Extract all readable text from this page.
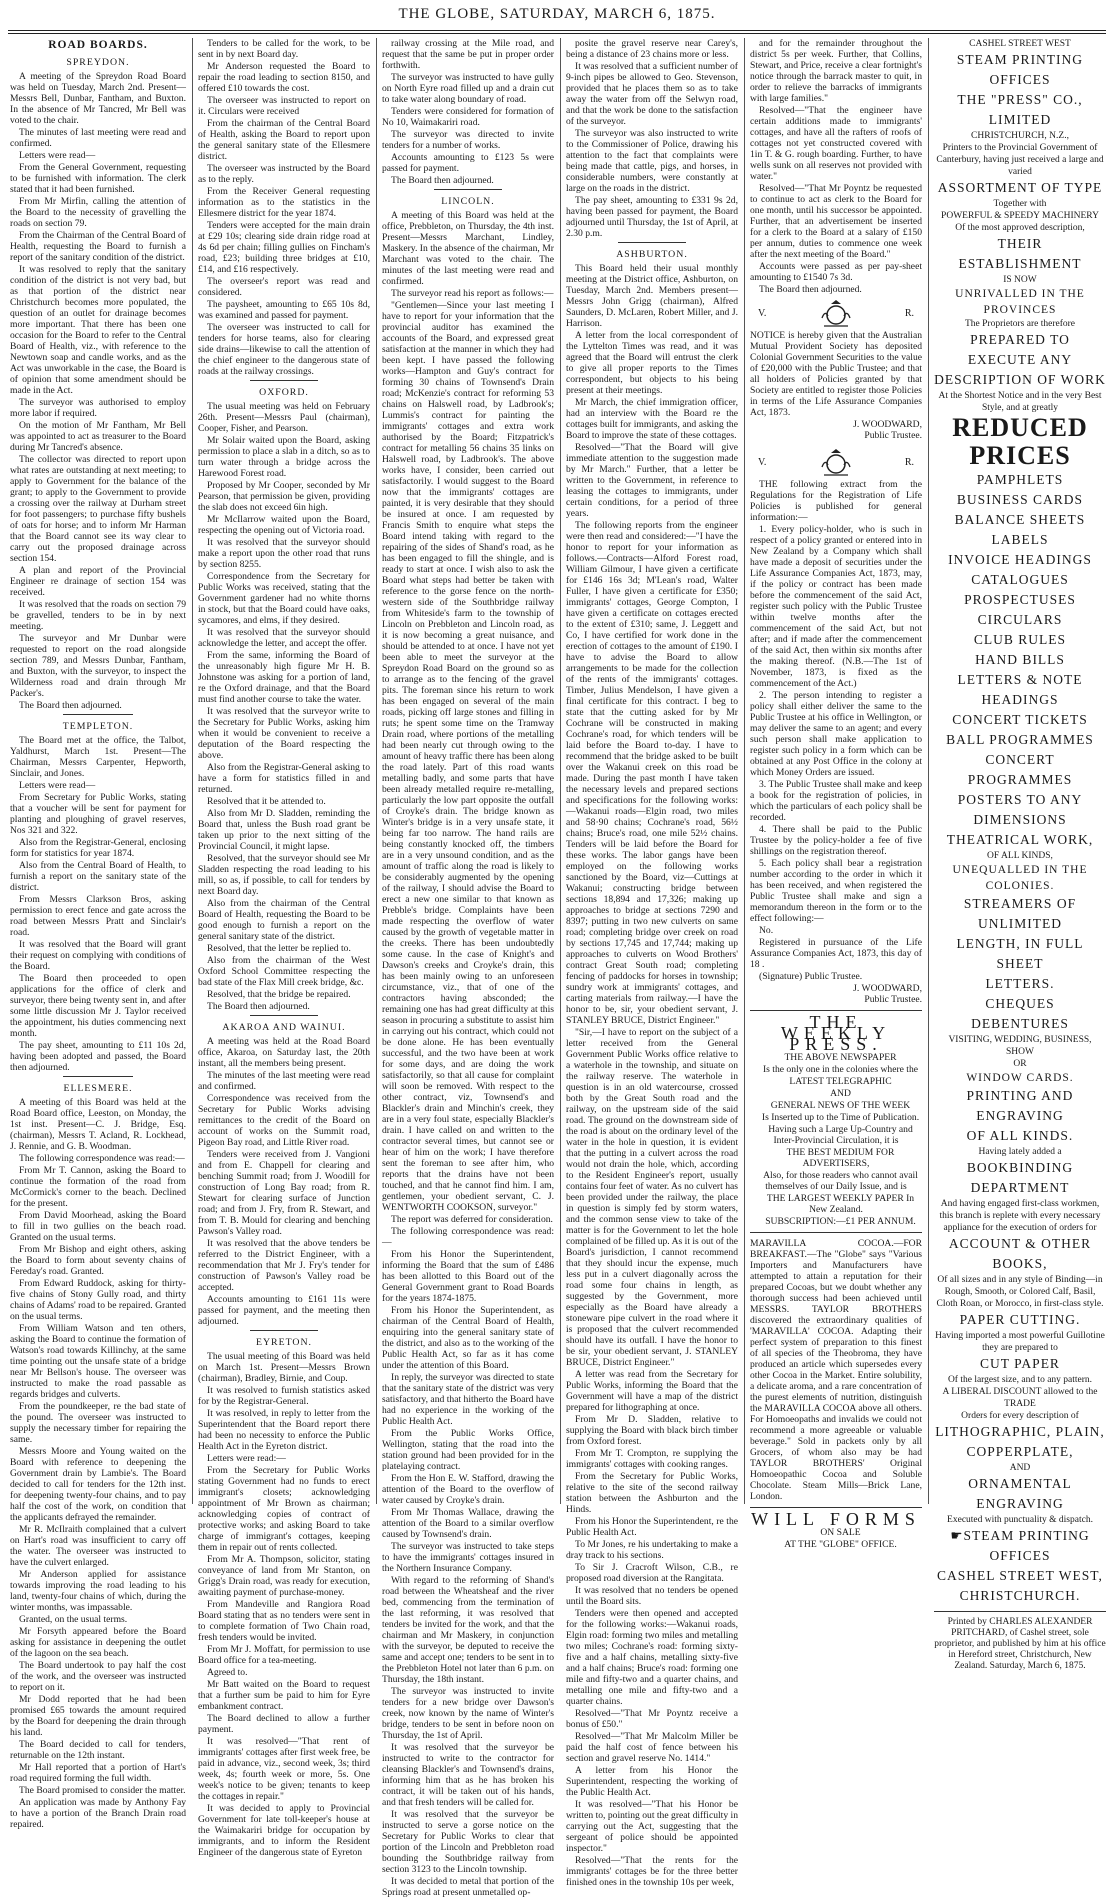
THE GLOBE, SATURDAY, MARCH 6, 1875.
ROAD BOARDS.
SPREYDON.

A meeting of the Spreydon Road Board was held on Tuesday, March 2nd. Present—Messrs Bell, Dunbar, Fantham, and Buxton. In the absence of Mr Tancred, Mr Bell was voted to the chair.

The minutes of last meeting were read and confirmed.

Letters were read—

From the General Government, requesting to be furnished with information. The clerk stated that it had been furnished.

From Mr Mirfin, calling the attention of the Board to the necessity of gravelling the roads on section 79.

From the Chairman of the Central Board of Health, requesting the Board to furnish a report of the sanitary condition of the district.

It was resolved to reply that the sanitary condition of the district is not very bad, but as that portion of the district near Christchurch becomes more populated, the question of an outlet for drainage becomes more important. That there has been one occasion for the Board to refer to the Central Board of Health, viz., with reference to the Newtown soap and candle works, and as the Act was unworkable in the case, the Board is of opinion that some amendment should be made in the Act.

The surveyor was authorised to employ more labor if required.

On the motion of Mr Fantham, Mr Bell was appointed to act as treasurer to the Board during Mr Tancred's absence.

The collector was directed to report upon what rates are outstanding at next meeting; to apply to Government for the balance of the grant; to apply to the Government to provide a crossing over the railway at Durham street for foot passengers; to purchase fifty bushels of oats for horse; and to inform Mr Harman that the Board cannot see its way clear to carry out the proposed drainage across section 154.

A plan and report of the Provincial Engineer re drainage of section 154 was received.

It was resolved that the roads on section 79 be gravelled, tenders to be in by next meeting.

The surveyor and Mr Dunbar were requested to report on the road alongside section 789, and Messrs Dunbar, Fantham, and Buxton, with the surveyor, to inspect the Wilderness road and drain through Mr Packer's.

The Board then adjourned.

TEMPLETON.

The Board met at the office, the Talbot, Yaldhurst, March 1st. Present—The Chairman, Messrs Carpenter, Hepworth, Sinclair, and Jones.

Letters were read—

From Secretary for Public Works, stating that a voucher will be sent for payment for planting and ploughing of gravel reserves, Nos 321 and 322.

Also from the Registrar-General, enclosing form for statistics for year 1874.

Also from the Central Board of Health, to furnish a report on the sanitary state of the district.

From Messrs Clarkson Bros, asking permission to erect fence and gate across the road between Messrs Pratt and Sinclair's road.

It was resolved that the Board will grant their request on complying with conditions of the Board.

The Board then proceeded to open applications for the office of clerk and surveyor, there being twenty sent in, and after some little discussion Mr J. Taylor received the appointment, his duties commencing next month.

The pay sheet, amounting to £11 10s 2d, having been adopted and passed, the Board then adjourned.

ELLESMERE.

A meeting of this Board was held at the Road Board office, Leeston, on Monday, the 1st inst. Present—C. J. Bridge, Esq. (chairman), Messrs T. Acland, R. Lockhead, J. Rennie, and G. B. Woodman.

The following correspondence was read:—

From Mr T. Cannon, asking the Board to continue the formation of the road from McCormick's corner to the beach. Declined for the present.

From David Moorhead, asking the Board to fill in two gullies on the beach road. Granted on the usual terms.

From Mr Bishop and eight others, asking the Board to form about seventy chains of Fereday's road. Granted.

From Edward Ruddock, asking for thirty-five chains of Stony Gully road, and thirty chains of Adams' road to be repaired. Granted on the usual terms.

From William Watson and ten others, asking the Board to continue the formation of Watson's road towards Killinchy, at the same time pointing out the unsafe state of a bridge near Mr Bellson's house. The overseer was instructed to make the road passable as regards bridges and culverts.

From the poundkeeper, re the bad state of the pound. The overseer was instructed to supply the necessary timber for repairing the same.

Messrs Moore and Young waited on the Board with reference to deepening the Government drain by Lambie's. The Board decided to call for tenders for the 12th inst. for deepening twenty-four chains, and to pay half the cost of the work, on condition that the applicants defrayed the remainder.

Mr R. McIlraith complained that a culvert on Hart's road was insufficient to carry off the water. The overseer was instructed to have the culvert enlarged.

Mr Anderson applied for assistance towards improving the road leading to his land, twenty-four chains of which, during the winter months, was impassable.

Granted, on the usual terms.

Mr Forsyth appeared before the Board asking for assistance in deepening the outlet of the lagoon on the sea beach.

The Board undertook to pay half the cost of the work, and the overseer was instructed to report on it.

Mr Dodd reported that he had been promised £65 towards the amount required by the Board for deepening the drain through his land.

The Board decided to call for tenders, returnable on the 12th instant.

Mr Hall reported that a portion of Hart's road required forming the full width.

The Board promised to consider the matter.

An application was made by Anthony Fay to have a portion of the Branch Drain road repaired.

Tenders to be called for the work, to be sent in by next Board day.

Mr Anderson requested the Board to repair the road leading to section 8150, and offered £10 towards the cost.

The overseer was instructed to report on it. Circulars were received

From the chairman of the Central Board of Health, asking the Board to report upon the general sanitary state of the Ellesmere district.

The overseer was instructed by the Board as to the reply.

From the Receiver General requesting information as to the statistics in the Ellesmere district for the year 1874.

Tenders were accepted for the main drain at £29 10s; clearing side drain ridge road at 4s 6d per chain; filling gullies on Fincham's road, £23; building three bridges at £10, £14, and £16 respectively.

The overseer's report was read and considered.

The paysheet, amounting to £65 10s 8d, was examined and passed for payment.

The overseer was instructed to call for tenders for horse teams, also for clearing side drains—likewise to call the attention of the chief engineer to the dangerous state of roads at the railway crossings.

OXFORD.

The usual meeting was held on February 26th. Present—Messrs Paul (chairman), Cooper, Fisher, and Pearson.

Mr Solair waited upon the Board, asking permission to place a slab in a ditch, so as to turn water through a bridge across the Harewood Forest road.

Proposed by Mr Cooper, seconded by Mr Pearson, that permission be given, providing the slab does not exceed 6in high.

Mr McIlarrow waited upon the Board, respecting the opening out of Victoria road.

It was resolved that the surveyor should make a report upon the other road that runs by section 8255.

Correspondence from the Secretary for Public Works was received, stating that the Government gardener had no white thorns in stock, but that the Board could have oaks, sycamores, and elms, if they desired.

It was resolved that the surveyor should acknowledge the letter, and accept the offer.

From the same, informing the Board of the unreasonably high figure Mr H. B. Johnstone was asking for a portion of land, re the Oxford drainage, and that the Board must find another course to take the water.

It was resolved that the surveyor write to the Secretary for Public Works, asking him when it would be convenient to receive a deputation of the Board respecting the above.

Also from the Registrar-General asking to have a form for statistics filled in and returned.

Resolved that it be attended to.

Also from Mr D. Sladden, reminding the Board that, unless the Bush road grant be taken up prior to the next sitting of the Provincial Council, it might lapse.

Resolved, that the surveyor should see Mr Sladden respecting the road leading to his mill, so as, if possible, to call for tenders by next Board day.

Also from the chairman of the Central Board of Health, requesting the Board to be good enough to furnish a report on the general sanitary state of the district.

Resolved, that the letter be replied to.

Also from the chairman of the West Oxford School Committee respecting the bad state of the Flax Mill creek bridge, &c.

Resolved, that the bridge be repaired.

The Board then adjourned.

AKAROA AND WAINUI.

A meeting was held at the Road Board office, Akaroa, on Saturday last, the 20th instant, all the members being present.

The minutes of the last meeting were read and confirmed.

Correspondence was received from the Secretary for Public Works advising remittances to the credit of the Board on account of works on the Summit road, Pigeon Bay road, and Little River road.

Tenders were received from J. Vangioni and from E. Chappell for clearing and benching Summit road; from J. Woodill for construction of Long Bay road; from R. Stewart for clearing surface of Junction road; and from J. Fry, from R. Stewart, and from T. B. Mould for clearing and benching Pawson's Valley road.

It was resolved that the above tenders be referred to the District Engineer, with a recommendation that Mr J. Fry's tender for construction of Pawson's Valley road be accepted.

Accounts amounting to £161 11s were passed for payment, and the meeting then adjourned.

EYRETON.

The usual meeting of this Board was held on March 1st. Present—Messrs Brown (chairman), Bradley, Birnie, and Coup.

It was resolved to furnish statistics asked for by the Registrar-General.

It was resolved, in reply to letter from the Superintendent that the Board report there had been no necessity to enforce the Public Health Act in the Eyreton district.

Letters were read:—

From the Secretary for Public Works stating Government had no funds to erect immigrant's closets; acknowledging appointment of Mr Brown as chairman; acknowledging copies of contract of protective works; and asking Board to take charge of immigrant's cottages, keeping them in repair out of rents collected.

From Mr A. Thompson, solicitor, stating conveyance of land from Mr Stanton, on Grigg's Drain road, was ready for execution, awaiting payment of purchase-money.

From Mandeville and Rangiora Road Board stating that as no tenders were sent in to complete formation of Two Chain road, fresh tenders would be invited.

From Mr J. Moffatt, for permission to use Board office for a tea-meeting.

Agreed to.

Mr Batt waited on the Board to request that a further sum be paid to him for Eyre embankment contract.

The Board declined to allow a further payment.

It was resolved—"That rent of immigrants' cottages after first week free, be paid in advance, viz., second week, 3s; third week, 4s; fourth week or more, 5s. One week's notice to be given; tenants to keep the cottages in repair."

It was decided to apply to Provincial Government for late toll-keeper's house at the Waimakariri bridge for occupation by immigrants, and to inform the Resident Engineer of the dangerous state of Eyreton

railway crossing at the Mile road, and request that the same be put in proper order forthwith.

The surveyor was instructed to have gully on North Eyre road filled up and a drain cut to take water along boundary of road.

Tenders were considered for formation of No 10, Waimakariri road.

The surveyor was directed to invite tenders for a number of works.

Accounts amounting to £123 5s were passed for payment.

The Board then adjourned.

LINCOLN.

A meeting of this Board was held at the office, Prebbleton, on Thursday, the 4th inst. Present—Messrs Marchant, Lindley, Maskery. In the absence of the chairman, Mr Marchant was voted to the chair. The minutes of the last meeting were read and confirmed.

The surveyor read his report as follows:—

"Gentlemen—Since your last meeting I have to report for your information that the provincial auditor has examined the accounts of the Board, and expressed great satisfaction at the manner in which they had been kept. I have passed the following works—Hampton and Guy's contract for forming 30 chains of Townsend's Drain road; McKenzie's contract for reforming 53 chains on Halswell road, by Ladbrook's; Lummis's contract for painting the immigrants' cottages and extra work authorised by the Board; Fitzpatrick's contract for metalling 56 chains 35 links on Halswell road, by Ladbrook's. The above works have, I consider, been carried out satisfactorily. I would suggest to the Board now that the immigrants' cottages are painted, it is very desirable that they should be insured at once. I am requested by Francis Smith to enquire what steps the Board intend taking with regard to the repairing of the sides of Shand's road, as he has been engaged to fill the shingle, and is ready to start at once. I wish also to ask the Board what steps had better be taken with reference to the gorse fence on the north-western side of the Southbridge railway from Whiteside's farm to the township of Lincoln on Prebbleton and Lincoln road, as it is now becoming a great nuisance, and should be attended to at once. I have not yet been able to meet the surveyor at the Spreydon Road Board on the ground so as to arrange as to the fencing of the gravel pits. The foreman since his return to work has been engaged on several of the main roads, picking off large stones and filling in ruts; he spent some time on the Tramway Drain road, where portions of the metalling had been nearly cut through owing to the amount of heavy traffic there has been along the road lately. Part of this road wants metalling badly, and some parts that have been already metalled require re-metalling, particularly the low part opposite the outfall of Croyke's drain. The bridge known as Winter's bridge is in a very unsafe state, it being far too narrow. The hand rails are being constantly knocked off, the timbers are in a very unsound condition, and as the amount of traffic along the road is likely to be considerably augmented by the opening of the railway, I should advise the Board to erect a new one similar to that known as Prebble's bridge. Complaints have been made respecting the overflow of water caused by the growth of vegetable matter in the creeks. There has been undoubtedly some cause. In the case of Knight's and Dawson's creeks and Croyke's drain, this has been mainly owing to an unforeseen circumstance, viz., that of one of the contractors having absconded; the remaining one has had great difficulty at this season in procuring a substitute to assist him in carrying out his contract, which could not be done alone. He has been eventually successful, and the two have been at work for some days, and are doing the work satisfactorily, so that all cause for complaint will soon be removed. With respect to the other contract, viz, Townsend's and Blackler's drain and Minchin's creek, they are in a very foul state, especially Blackler's drain. I have called on and written to the contractor several times, but cannot see or hear of him on the work; I have therefore sent the foreman to see after him, who reports that the drains have not been touched, and that he cannot find him. I am, gentlemen, your obedient servant, C. J. WENTWORTH COOKSON, surveyor."

The report was deferred for consideration.

The following correspondence was read:—

From his Honor the Superintendent, informing the Board that the sum of £486 has been allotted to this Board out of the General Government grant to Road Boards for the years 1874-1875.

From his Honor the Superintendent, as chairman of the Central Board of Health, enquiring into the general sanitary state of the district, and also as to the working of the Public Health Act, so far as it has come under the attention of this Board.

In reply, the surveyor was directed to state that the sanitary state of the district was very satisfactory, and that hitherto the Board have had no experience in the working of the Public Health Act.

From the Public Works Office, Wellington, stating that the road into the station ground had been provided for in the platelaying contract.

From the Hon E. W. Stafford, drawing the attention of the Board to the overflow of water caused by Croyke's drain.

From Mr Thomas Wallace, drawing the attention of the Board to a similar overflow caused by Townsend's drain.

The surveyor was instructed to take steps to have the immigrants' cottages insured in the Northern Insurance Company.

With regard to the reforming of Shand's road between the Wheatsheaf and the river bed, commencing from the termination of the last reforming, it was resolved that tenders be invited for the work, and that the chairman and Mr Maskery, in conjunction with the surveyor, be deputed to receive the same and accept one; tenders to be sent in to the Prebbleton Hotel not later than 6 p.m. on Thursday, the 18th instant.

The surveyor was instructed to invite tenders for a new bridge over Dawson's creek, now known by the name of Winter's bridge, tenders to be sent in before noon on Thursday, the 1st of April.

It was resolved that the surveyor be instructed to write to the contractor for cleansing Blackler's and Townsend's drains, informing him that as he has broken his contract, it will be taken out of his hands, and that fresh tenders will be called for.

It was resolved that the surveyor be instructed to serve a gorse notice on the Secretary for Public Works to clear that portion of the Lincoln and Prebbleton road bounding the Southbridge railway from section 3123 to the Lincoln township.

It was decided to metal that portion of the Springs road at present unmetalled op-

posite the gravel reserve near Carey's, being a distance of 23 chains more or less.

It was resolved that a sufficient number of 9-inch pipes be allowed to Geo. Stevenson, provided that he places them so as to take away the water from off the Selwyn road, and that the work be done to the satisfaction of the surveyor.

The surveyor was also instructed to write to the Commissioner of Police, drawing his attention to the fact that complaints were being made that cattle, pigs, and horses, in considerable numbers, were constantly at large on the roads in the district.

The pay sheet, amounting to £331 9s 2d, having been passed for payment, the Board adjourned until Thursday, the 1st of April, at 2.30 p.m.

ASHBURTON.

This Board held their usual monthly meeting at the District office, Ashburton, on Tuesday, March 2nd. Members present—Messrs John Grigg (chairman), Alfred Saunders, D. McLaren, Robert Miller, and J. Harrison.

A letter from the local correspondent of the Lyttelton Times was read, and it was agreed that the Board will entrust the clerk to give all proper reports to the Times correspondent, but objects to his being present at their meetings.

Mr March, the chief immigration officer, had an interview with the Board re the cottages built for immigrants, and asking the Board to improve the state of these cottages.

Resolved—"That the Board will give immediate attention to the suggestion made by Mr March." Further, that a letter be written to the Government, in reference to leasing the cottages to immigrants, under certain conditions, for a period of three years.

The following reports from the engineer were then read and considered:—"I have the honor to report for your information as follows.—Contracts—Alford Forest road, William Gilmour, I have given a certificate for £146 16s 3d; M'Lean's road, Walter Fuller, I have given a certificate for £350; immigrants' cottages, George Compton, I have given a certificate on cottages erected to the extent of £310; same, J. Leggett and Co, I have certified for work done in the erection of cottages to the amount of £190. I have to advise the Board to allow arrangements to be made for the collection of the rents of the immigrants' cottages. Timber, Julius Mendelson, I have given a final certificate for this contract. I beg to state that the cutting asked for by Mr Cochrane will be constructed in making Cochrane's road, for which tenders will be laid before the Board to-day. I have to recommend that the bridge asked to be built over the Wakanui creek on this road be made. During the past month I have taken the necessary levels and prepared sections and specifications for the following works:—Wakanui roads—Elgin road, two miles and 58·90 chains; Cochrane's road, 56½ chains; Bruce's road, one mile 52½ chains. Tenders will be laid before the Board for these works. The labor gangs have been employed on the following works sanctioned by the Board, viz—Cuttings at Wakanui; constructing bridge between sections 18,894 and 17,326; making up approaches to bridge at sections 7290 and 8397; putting in two new culverts on same road; completing bridge over creek on road by sections 17,745 and 17,744; making up approaches to culverts on Wood Brothers' contract Great South road; completing fencing of paddocks for horses in township; sundry work at immigrants' cottages, and carting materials from railway.—I have the honor to be, sir, your obedient servant, J. STANLEY BRUCE, District Engineer."

"Sir,—I have to report on the subject of a letter received from the General Government Public Works office relative to a waterhole in the township, and situate on the railway reserve. The waterhole in question is in an old watercourse, crossed both by the Great South road and the railway, on the upstream side of the said road. The ground on the downstream side of the road is about on the ordinary level of the water in the hole in question, it is evident that the putting in a culvert across the road would not drain the hole, which, according to the Resident Engineer's report, usually contains four feet of water. As no culvert has been provided under the railway, the place in question is simply fed by storm waters, and the common sense view to take of the matter is for the Government to let the hole complained of be filled up. As it is out of the Board's jurisdiction, I cannot recommend that they should incur the expense, much less put in a culvert diagonally across the road some four chains in length, as suggested by the Government, more especially as the Board have already a stoneware pipe culvert in the road where it is proposed that the culvert recommended should have its outfall. I have the honor to be sir, your obedient servant, J. STANLEY BRUCE, District Engineer."

A letter was read from the Secretary for Public Works, informing the Board that the Government will have a map of the district prepared for lithographing at once.

From Mr D. Sladden, relative to supplying the Board with black birch timber from Oxford forest.

From Mr T. Crompton, re supplying the immigrants' cottages with cooking ranges.

From the Secretary for Public Works, relative to the site of the second railway station between the Ashburton and the Hinds.

From his Honor the Superintendent, re the Public Health Act.

To Mr Jones, re his undertaking to make a dray track to his sections.

To Sir J. Cracroft Wilson, C.B., re proposed road diversion at the Rangitata.

It was resolved that no tenders be opened until the Board sits.

Tenders were then opened and accepted for the following works:—Wakanui roads, Elgin road: forming two miles and metalling two miles; Cochrane's road: forming sixty-five and a half chains, metalling sixty-five and a half chains; Bruce's road: forming one mile and fifty-two and a quarter chains, and metalling one mile and fifty-two and a quarter chains.

Resolved—"That Mr Poyntz receive a bonus of £50."

Resolved—"That Mr Malcolm Miller be paid the half cost of fence between his section and gravel reserve No. 1414."

A letter from his Honor the Superintendent, respecting the working of the Public Health Act.

It was resolved—"That his Honor be written to, pointing out the great difficulty in carrying out the Act, suggesting that the sergeant of police should be appointed inspector."

Resolved—"That the rents for the immigrants' cottages be for the three better finished ones in the township 10s per week,

and for the remainder throughout the district 5s per week. Further, that Collins, Stewart, and Price, receive a clear fortnight's notice through the barrack master to quit, in order to relieve the barracks of immigrants with large families."

Resolved—"That the engineer have certain additions made to immigrants' cottages, and have all the rafters of roofs of cottages not yet constructed covered with 1in T. & G. rough boarding. Further, to have wells sunk on all reserves not provided with water."

Resolved—"That Mr Poyntz be requested to continue to act as clerk to the Board for one month, until his successor be appointed. Further, that an advertisement be inserted for a clerk to the Board at a salary of £150 per annum, duties to commence one week after the next meeting of the Board."

Accounts were passed as per pay-sheet amounting to £1540 7s 3d.

The Board then adjourned.

V.	R.

NOTICE is hereby given that the Australian Mutual Provident Society has deposited Colonial Government Securities to the value of £20,000 with the Public Trustee; and that all holders of Policies granted by that Society are entitled to register those Policies in terms of the Life Assurance Companies Act, 1873.

J. WOODWARD,

Public Trustee.

V.	R.

THE following extract from the Regulations for the Registration of Life Policies is published for general information:—

1. Every policy-holder, who is such in respect of a policy granted or entered into in New Zealand by a Company which shall have made a deposit of securities under the Life Assurance Companies Act, 1873, may, if the policy or contract has been made before the commencement of the said Act, register such policy with the Public Trustee within twelve months after the commencement of the said Act, but not after; and if made after the commencement of the said Act, then within six months after the making thereof. (N.B.—The 1st of November, 1873, is fixed as the commencement of the Act.)

2. The person intending to register a policy shall either deliver the same to the Public Trustee at his office in Wellington, or may deliver the same to an agent; and every such person shall make application to register such policy in a form which can be obtained at any Post Office in the colony at which Money Orders are issued.

3. The Public Trustee shall make and keep a book for the registration of policies, in which the particulars of each policy shall be recorded.

4. There shall be paid to the Public Trustee by the policy-holder a fee of five shillings on the registration thereof.

5. Each policy shall bear a registration number according to the order in which it has been received, and when registered the Public Trustee shall make and sign a memorandum thereon in the form or to the effect following:—

No.

Registered in pursuance of the Life Assurance Companies Act, 1873, this day of 18 .

(Signature) Public Trustee.

J. WOODWARD,

Public Trustee.

THE WEEKLY PRESS.

THE ABOVE NEWSPAPER

Is the only one in the colonies where the

LATEST TELEGRAPHIC

AND

GENERAL NEWS OF THE WEEK

Is Inserted up to the Time of Publication.

Having such a Large Up-Country and Inter-Provincial Circulation, it is

THE BEST MEDIUM FOR ADVERTISERS,

Also, for those readers who cannot avail themselves of our Daily Issue, and is

THE LARGEST WEEKLY PAPER In New Zealand.

SUBSCRIPTION:—£1 PER ANNUM.

MARAVILLA COCOA.—FOR BREAKFAST.—The "Globe" says "Various Importers and Manufacturers have attempted to attain a reputation for their prepared Cocoas, but we doubt whether any thorough success had been achieved until MESSRS. TAYLOR BROTHERS discovered the extraordinary qualities of 'MARAVILLA' COCOA. Adapting their perfect system of preparation to this finest of all species of the Theobroma, they have produced an article which supersedes every other Cocoa in the Market. Entire solubility, a delicate aroma, and a rare concentration of the purest elements of nutrition, distinguish the MARAVILLA COCOA above all others. For Homoeopaths and invalids we could not recommend a more agreeable or valuable beverage." Sold in packets only by all Grocers, of whom also may be had TAYLOR BROTHERS' Original Homoeopathic Cocoa and Soluble Chocolate. Steam Mills—Brick Lane, London.

WILL FORMS

ON SALE

AT THE "GLOBE" OFFICE.

CASHEL STREET WEST

STEAM PRINTING OFFICES

THE "PRESS" CO., LIMITED

CHRISTCHURCH, N.Z.,

Printers to the Provincial Government of Canterbury, having just received a large and varied

ASSORTMENT OF TYPE

Together with

POWERFUL & SPEEDY MACHINERY

Of the most approved description,

THEIR ESTABLISHMENT

IS NOW

UNRIVALLED IN THE PROVINCES

The Proprietors are therefore

PREPARED TO EXECUTE ANY

DESCRIPTION OF WORK

At the Shortest Notice and in the very Best Style, and at greatly

REDUCED PRICES

PAMPHLETS

BUSINESS CARDS

BALANCE SHEETS

LABELS

INVOICE HEADINGS

CATALOGUES

PROSPECTUSES

CIRCULARS

CLUB RULES

HAND BILLS

LETTERS & NOTE HEADINGS

CONCERT TICKETS

BALL PROGRAMMES

CONCERT PROGRAMMES

POSTERS TO ANY DIMENSIONS

THEATRICAL WORK,

OF ALL KINDS,

UNEQUALLED IN THE COLONIES.

STREAMERS OF UNLIMITED

LENGTH, IN FULL SHEET

LETTERS.

CHEQUES

DEBENTURES

VISITING, WEDDING, BUSINESS, SHOW

OR

WINDOW CARDS.

PRINTING AND ENGRAVING

OF ALL KINDS.

Having lately added a

BOOKBINDING DEPARTMENT

And having engaged first-class workmen, this branch is replete with every necessary appliance for the execution of orders for

ACCOUNT & OTHER BOOKS,

Of all sizes and in any style of Binding—in Rough, Smooth, or Colored Calf, Basil, Cloth Roan, or Morocco, in first-class style.

PAPER CUTTING.

Having imported a most powerful Guillotine they are prepared to

CUT PAPER

Of the largest size, and to any pattern.

A LIBERAL DISCOUNT allowed to the TRADE

Orders for every description of

LITHOGRAPHIC, PLAIN,

COPPERPLATE,

AND

ORNAMENTAL ENGRAVING

Executed with punctuality & dispatch.

☛STEAM PRINTING OFFICES

CASHEL STREET WEST,

CHRISTCHURCH.

Printed by CHARLES ALEXANDER PRITCHARD, of Cashel street, sole proprietor, and published by him at his office in Hereford street, Christchurch, New Zealand. Saturday, March 6, 1875.
